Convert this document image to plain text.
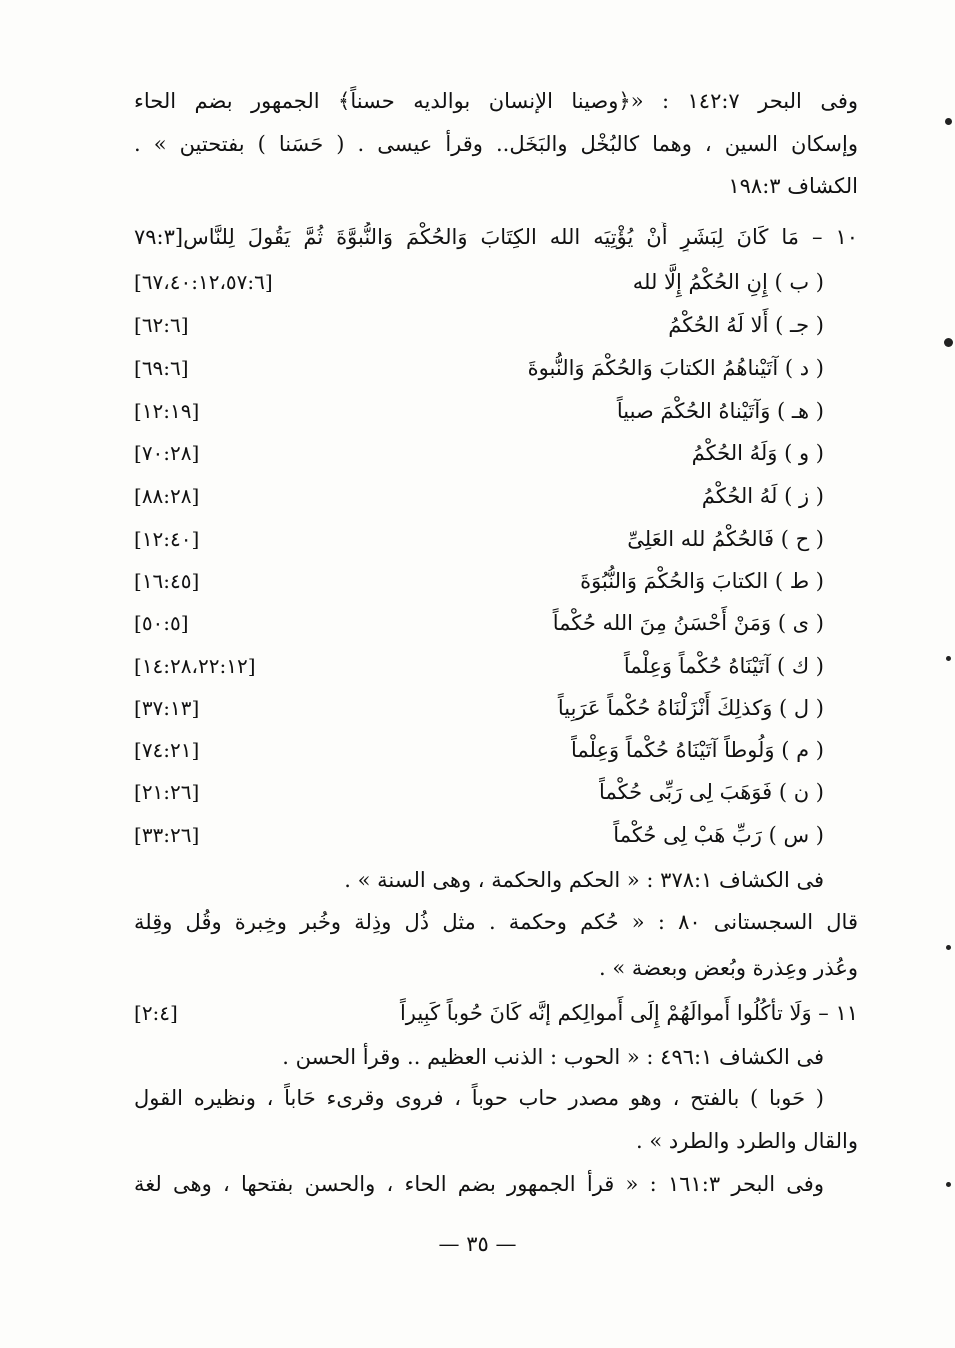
وفى البحر ١٤٢:٧ : «﴿وصينا الإنسان بوالديه حسناً﴾ الجمهور بضم الحاء
وإسكان السين ، وهما كالبُخْل والبَخَل.. وقرأ عيسى . ( حَسَنا ) بفتحتين » .
الكشاف ١٩٨:٣
١٠ – مَا كَانَ لِبَشَرٍ أَنْ يُؤْتِيَه الله الكِتَابَ وَالحُكْمَ وَالنُّبوَّةَ ثُمَّ يَقُولَ لِلنَّاس[٧٩:٣
( ب ) إِنِ الحُكْمُ إِلَّا لله
[٦٧،٤٠:١٢،٥٧:٦]
( جـ ) أَلا لَهُ الحُكْمُ
[٦٢:٦]
( د ) آتَيْناهُمُ الكتابَ وَالحُكْمَ وَالنُّبوةَ
[٦٩:٦]
( هـ ) وَآتَيْناهُ الحُكْمَ صبياً
[١٢:١٩]
( و ) وَلَهُ الحُكْمُ
[٧٠:٢٨]
( ز ) لَهُ الحُكْمُ
[٨٨:٢٨]
( ح ) فَالحُكْمُ لله العَلِىِّ
[١٢:٤٠]
( ط ) الكتابَ وَالحُكْمَ وَالنُّبُوَةَ
[١٦:٤٥]
( ى ) وَمَنْ أَحْسَنُ مِنَ الله حُكْماً
[٥٠:٥]
( ك ) آتَيْنَاهُ حُكْماً وَعِلْماً
[١٤:٢٨،٢٢:١٢]
( ل ) وَكذلِكَ أَنْزَلْنَاهُ حُكْماً عَرَبِياً
[٣٧:١٣]
( م ) وَلُوطاً آتَيْنَاهُ حُكْماً وَعِلْماً
[٧٤:٢١]
( ن ) فَوَهَبَ لِى رَبِّى حُكْماً
[٢١:٢٦]
( س ) رَبِّ هَبْ لِى حُكْماً
[٣٣:٢٦]
فى الكشاف ٣٧٨:١ : « الحكم والحكمة ، وهى السنة » .
قال السجستانى ٨٠ : « حُكم وحكمة . مثل ذُل وذِلة وخُبر وخِبرة وقُل وقِلة
وعُذر وعِذرة وبُعض وبعضة » .
١١ – وَلَا تأكُلُوا أَموالَهُمْ إِلَى أَموالِكم إنَّه كَانَ حُوباً كَبِيراً
[٢:٤]
فى الكشاف ٤٩٦:١ : « الحوب : الذنب العظيم .. وقرأ الحسن .
( حَوبا ) بالفتح ، وهو مصدر حاب حوباً ، فروى وقرىء حَاباً ، ونظيره القول
والقال والطرد والطرد » .
وفى البحر ١٦١:٣ : « قرأ الجمهور بضم الحاء ، والحسن بفتحها ، وهى لغة
— ٣٥ —
